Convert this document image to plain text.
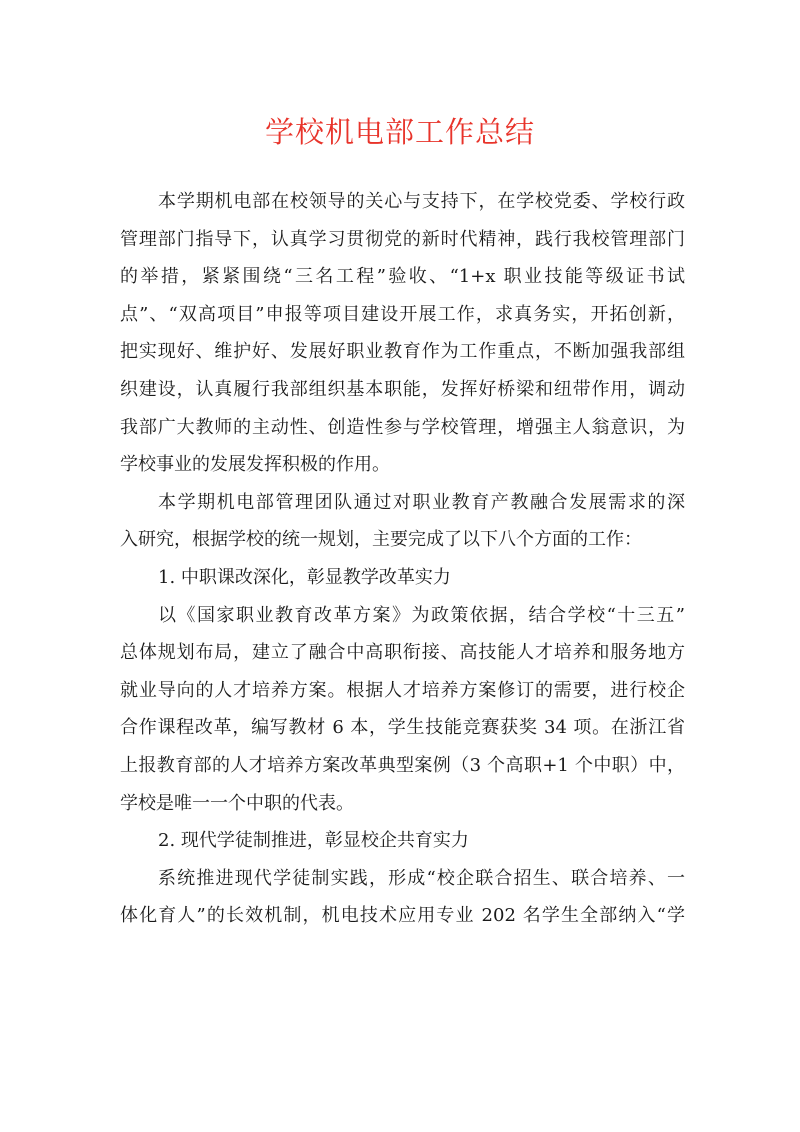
学校机电部工作总结
本学期机电部在校领导的关心与支持下，在学校党委、学校行政
管理部门指导下，认真学习贯彻党的新时代精神，践行我校管理部门
的举措，紧紧围绕“三名工程”验收、“1+x 职业技能等级证书试
点”、“双高项目”申报等项目建设开展工作，求真务实，开拓创新，
把实现好、维护好、发展好职业教育作为工作重点，不断加强我部组
织建设，认真履行我部组织基本职能，发挥好桥梁和纽带作用，调动
我部广大教师的主动性、创造性参与学校管理，增强主人翁意识，为
学校事业的发展发挥积极的作用。
本学期机电部管理团队通过对职业教育产教融合发展需求的深
入研究，根据学校的统一规划，主要完成了以下八个方面的工作：
1. 中职课改深化，彰显教学改革实力
以《国家职业教育改革方案》为政策依据，结合学校“十三五”
总体规划布局，建立了融合中高职衔接、高技能人才培养和服务地方
就业导向的人才培养方案。根据人才培养方案修订的需要，进行校企
合作课程改革，编写教材 6 本，学生技能竞赛获奖 34 项。在浙江省
上报教育部的人才培养方案改革典型案例（3 个高职+1 个中职）中，
学校是唯一一个中职的代表。
2. 现代学徒制推进，彰显校企共育实力
系统推进现代学徒制实践，形成“校企联合招生、联合培养、一
体化育人”的长效机制，机电技术应用专业 202 名学生全部纳入“学
